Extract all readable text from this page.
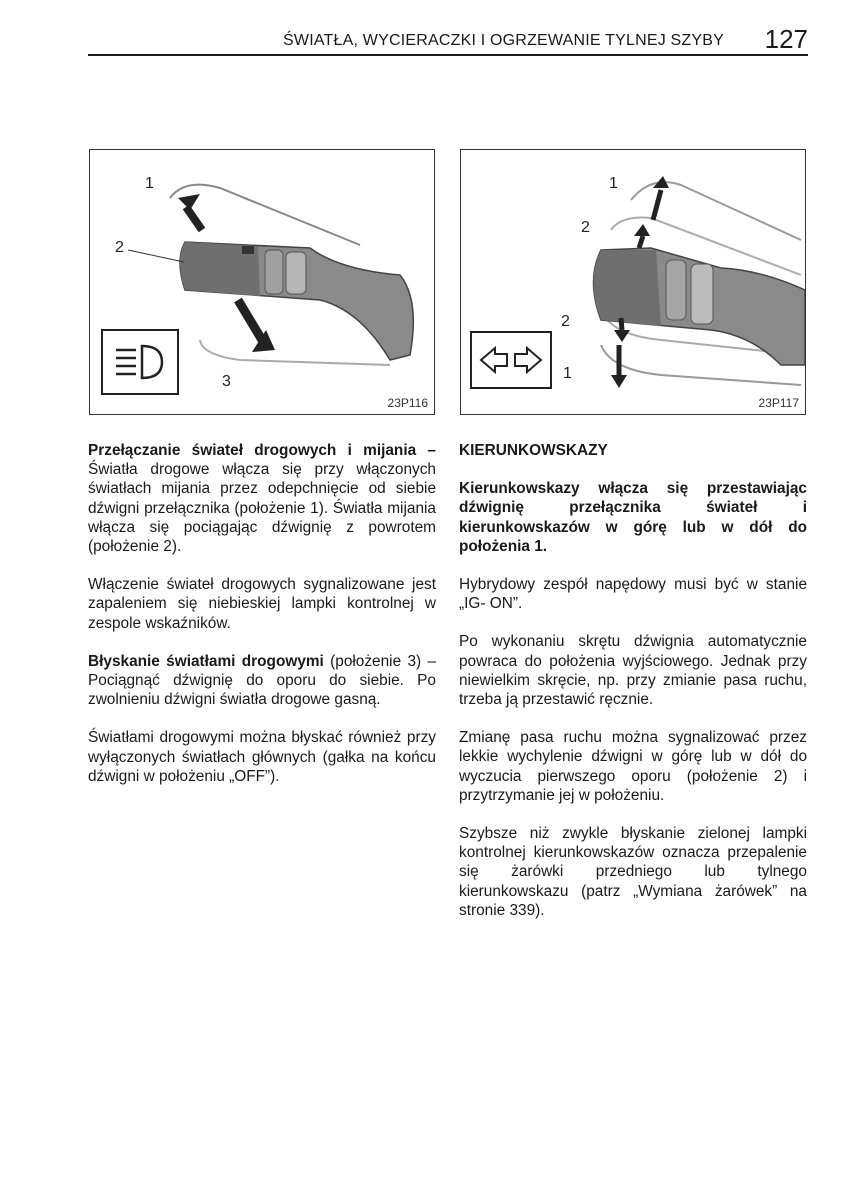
ŚWIATŁA, WYCIERACZKI I OGRZEWANIE TYLNEJ SZYBY 127
1
2
3
23P116
1
2
2
1
23P117

Przełączanie świateł drogowych i mijania – Światła drogowe włącza się przy włączonych światłach mijania przez odepchnięcie od siebie dźwigni przełącznika (położenie 1). Światła mijania włącza się pociągając dźwignię z powrotem (położenie 2).

Włączenie świateł drogowych sygnalizowane jest zapaleniem się niebieskiej lampki kontrolnej w zespole wskaźników.

Błyskanie światłami drogowymi (położenie 3) – Pociągnąć dźwignię do oporu do siebie. Po zwolnieniu dźwigni światła drogowe gasną.

Światłami drogowymi można błyskać również przy wyłączonych światłach głównych (gałka na końcu dźwigni w położeniu „OFF”).

KIERUNKOWSKAZY

Kierunkowskazy włącza się przestawiając dźwignię przełącznika świateł i kierunkowskazów w górę lub w dół do położenia 1.

Hybrydowy zespół napędowy musi być w stanie „IG- ON”.

Po wykonaniu skrętu dźwignia automatycznie powraca do położenia wyjściowego. Jednak przy niewielkim skręcie, np. przy zmianie pasa ruchu, trzeba ją przestawić ręcznie.

Zmianę pasa ruchu można sygnalizować przez lekkie wychylenie dźwigni w górę lub w dół do wyczucia pierwszego oporu (położenie 2) i przytrzymanie jej w położeniu.

Szybsze niż zwykle błyskanie zielonej lampki kontrolnej kierunkowskazów oznacza przepalenie się żarówki przedniego lub tylnego kierunkowskazu (patrz „Wymiana żarówek” na stronie 339).
